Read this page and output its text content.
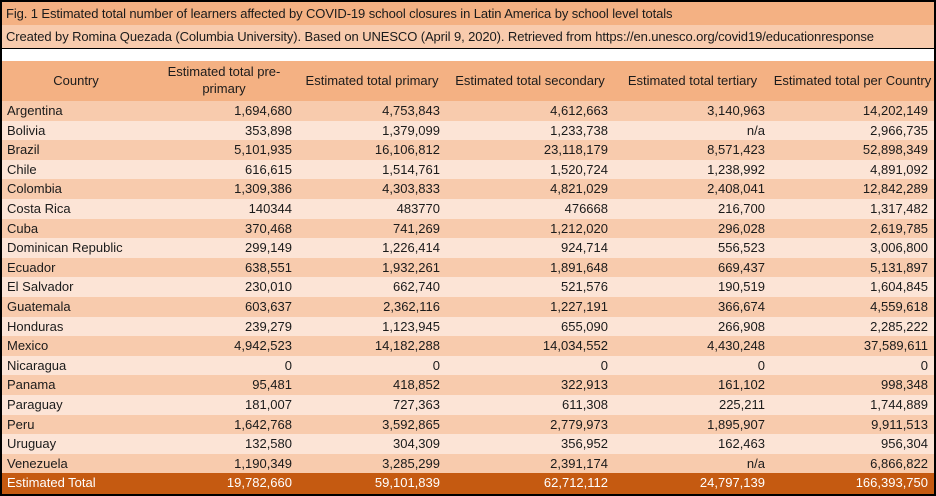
Fig. 1 Estimated total number of learners affected by COVID-19 school closures in Latin America by school level totals
Created by Romina Quezada (Columbia University). Based on UNESCO (April 9, 2020). Retrieved from https://en.unesco.org/covid19/educationresponse
Country	Estimated total pre-primary	Estimated total primary	Estimated total secondary	Estimated total tertiary	Estimated total per Country
Argentina	1,694,680	4,753,843	4,612,663	3,140,963	14,202,149
Bolivia	353,898	1,379,099	1,233,738	n/a	2,966,735
Brazil	5,101,935	16,106,812	23,118,179	8,571,423	52,898,349
Chile	616,615	1,514,761	1,520,724	1,238,992	4,891,092
Colombia	1,309,386	4,303,833	4,821,029	2,408,041	12,842,289
Costa Rica	140344	483770	476668	216,700	1,317,482
Cuba	370,468	741,269	1,212,020	296,028	2,619,785
Dominican Republic	299,149	1,226,414	924,714	556,523	3,006,800
Ecuador	638,551	1,932,261	1,891,648	669,437	5,131,897
El Salvador	230,010	662,740	521,576	190,519	1,604,845
Guatemala	603,637	2,362,116	1,227,191	366,674	4,559,618
Honduras	239,279	1,123,945	655,090	266,908	2,285,222
Mexico	4,942,523	14,182,288	14,034,552	4,430,248	37,589,611
Nicaragua	0	0	0	0	0
Panama	95,481	418,852	322,913	161,102	998,348
Paraguay	181,007	727,363	611,308	225,211	1,744,889
Peru	1,642,768	3,592,865	2,779,973	1,895,907	9,911,513
Uruguay	132,580	304,309	356,952	162,463	956,304
Venezuela	1,190,349	3,285,299	2,391,174	n/a	6,866,822
Estimated Total	19,782,660	59,101,839	62,712,112	24,797,139	166,393,750
